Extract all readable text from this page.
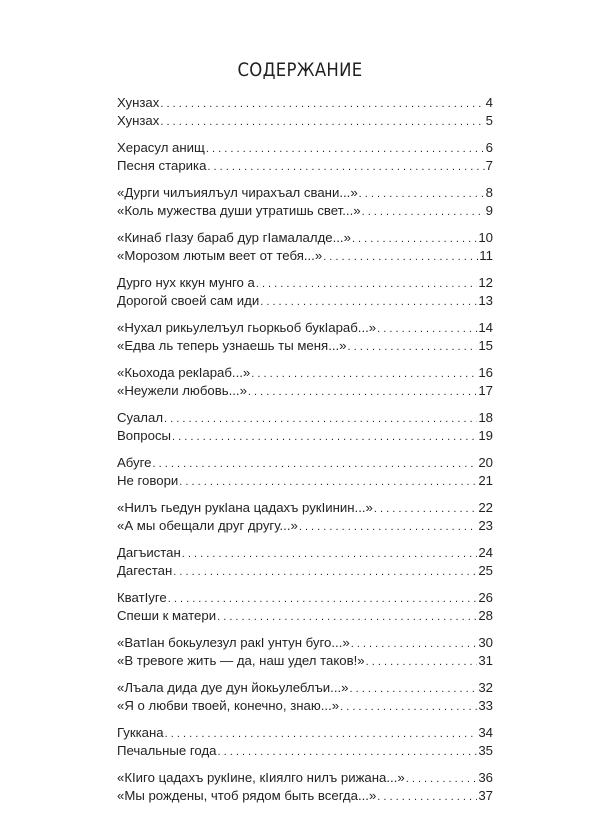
СОДЕРЖАНИЕ
Хунзах . . .	4
Хунзах . . .	5
Херасул анищ . . .	6
Песня старика . . .	7
«Дурги чилъиялъул чирахъал свани...» . . .	8
«Коль мужества души утратишь свет...» . . .	9
«Кинаб гIазу бараб дур гIамалалде...» . . .	10
«Морозом лютым веет от тебя...» . . .	11
Дурго нух ккун мунго а . . .	12
Дорогой своей сам иди . . .	13
«Нухал рикьулелъул гьоркьоб букIараб...» . . .	14
«Едва ль теперь узнаешь ты меня...» . . .	15
«Кьохода рекIараб...» . . .	16
«Неужели любовь...» . . .	17
Суалал . . .	18
Вопросы . . .	19
Абуге . . .	20
Не говори . . .	21
«Нилъ гьедун рукIана цадахъ рукIинин...» . . .	22
«А мы обещали друг другу...» . . .	23
Дагъистан . . .	24
Дагестан . . .	25
КватIуге . . .	26
Спеши к матери . . .	28
«ВатIан бокьулезул ракI унтун буго...» . . .	30
«В тревоге жить — да, наш удел таков!» . . .	31
«Лъала дида дуе дун йокьулеблъи...» . . .	32
«Я о любви твоей, конечно, знаю...» . . .	33
Гуккана . . .	34
Печальные года . . .	35
«КIиго цадахъ рукIине, кIиялго нилъ рижана...» . . .	36
«Мы рождены, чтоб рядом быть всегда...» . . .	37
